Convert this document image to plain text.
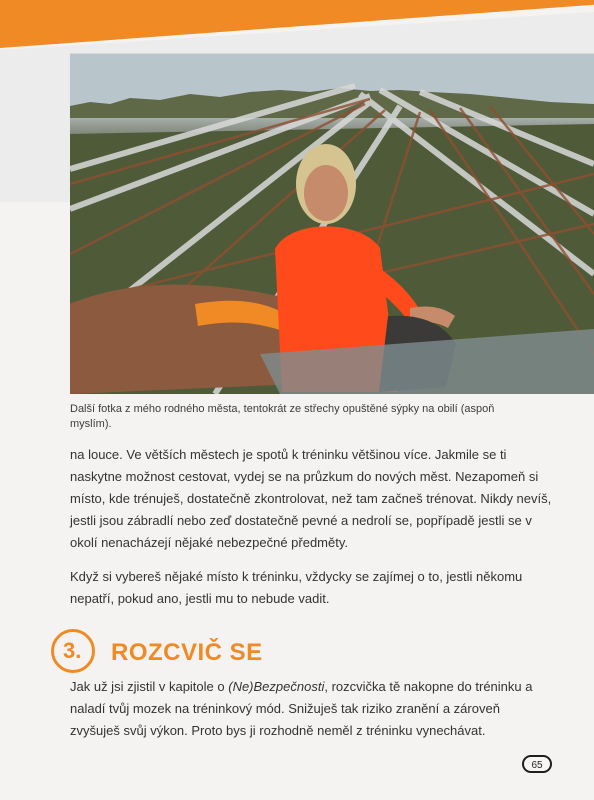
Další fotka z mého rodného města, tentokrát ze střechy opuštěné sýpky na obilí (aspoň myslím).
na louce. Ve větších městech je spotů k tréninku většinou více. Jakmile se ti naskytne možnost cestovat, vydej se na průzkum do nových měst. Nezapomeň si místo, kde trénuješ, dostatečně zkontrolovat, než tam začneš trénovat. Nikdy nevíš, jestli jsou zábradlí nebo zeď dostatečně pevné a nedrolí se, popřípadě jestli se v okolí nenacházejí nějaké nebezpečné předměty.
Když si vybereš nějaké místo k tréninku, vždycky se zajímej o to, jestli někomu nepatří, pokud ano, jestli mu to nebude vadit.
3. ROZCVIČ SE
Jak už jsi zjistil v kapitole o (Ne)Bezpečnosti, rozcvička tě nakopne do tréninku a naladí tvůj mozek na tréninkový mód. Snižuješ tak riziko zranění a zároveň zvyšuješ svůj výkon. Proto bys ji rozhodně neměl z tréninku vynechávat.
65
